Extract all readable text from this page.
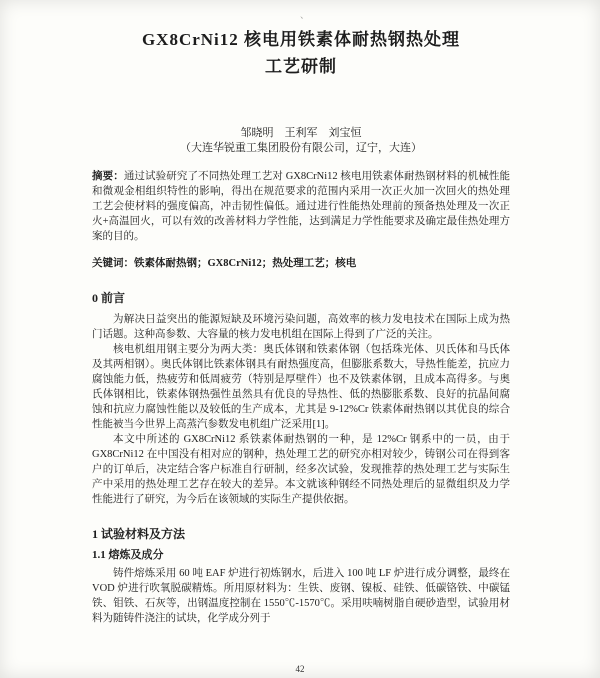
、
GX8CrNi12 核电用铁素体耐热钢热处理
工艺研制
邹晓明　王利军　刘宝恒
（大连华锐重工集团股份有限公司，辽宁，大连）

摘要：通过试验研究了不同热处理工艺对 GX8CrNi12 核电用铁素体耐热钢材料的机械性能和微观金相组织特性的影响，得出在规范要求的范围内采用一次正火加一次回火的热处理工艺会使材料的强度偏高，冲击韧性偏低。通过进行性能热处理前的预备热处理及一次正火+高温回火，可以有效的改善材料力学性能，达到满足力学性能要求及确定最佳热处理方案的目的。

关键词：铁素体耐热钢；GX8CrNi12；热处理工艺；核电

0 前言

为解决日益突出的能源短缺及环境污染问题，高效率的核力发电技术在国际上成为热门话题。这种高参数、大容量的核力发电机组在国际上得到了广泛的关注。

核电机组用钢主要分为两大类：奥氏体钢和铁素体钢（包括珠光体、贝氏体和马氏体及其两相钢）。奥氏体钢比铁素体钢具有耐热强度高，但膨胀系数大，导热性能差，抗应力腐蚀能力低，热疲劳和低周疲劳（特别是厚壁件）也不及铁素体钢，且成本高得多。与奥氏体钢相比，铁素体钢热强性虽然具有优良的导热性、低的热膨胀系数、良好的抗晶间腐蚀和抗应力腐蚀性能以及较低的生产成本，尤其是 9-12%Cr 铁素体耐热钢以其优良的综合性能被当今世界上高蒸汽参数发电机组广泛采用[1]。

本文中所述的 GX8CrNi12 系铁素体耐热钢的一种，是 12%Cr 钢系中的一员，由于 GX8CrNi12 在中国没有相对应的钢种，热处理工艺的研究亦相对较少，铸钢公司在得到客户的订单后，决定结合客户标准自行研制，经多次试验，发现推荐的热处理工艺与实际生产中采用的热处理工艺存在较大的差异。本文就该种钢经不同热处理后的显微组织及力学性能进行了研究，为今后在该领域的实际生产提供依据。

1 试验材料及方法
1.1 熔炼及成分

铸件熔炼采用 60 吨 EAF 炉进行初炼钢水，后进入 100 吨 LF 炉进行成分调整，最终在 VOD 炉进行吹氧脱碳精炼。所用原材料为：生铁、废钢、镍板、硅铁、低碳铬铁、中碳锰铁、钼铁、石灰等，出钢温度控制在 1550℃-1570℃。采用呋喃树脂自硬砂造型，试验用材料为随铸件浇注的试块，化学成分列于

42
